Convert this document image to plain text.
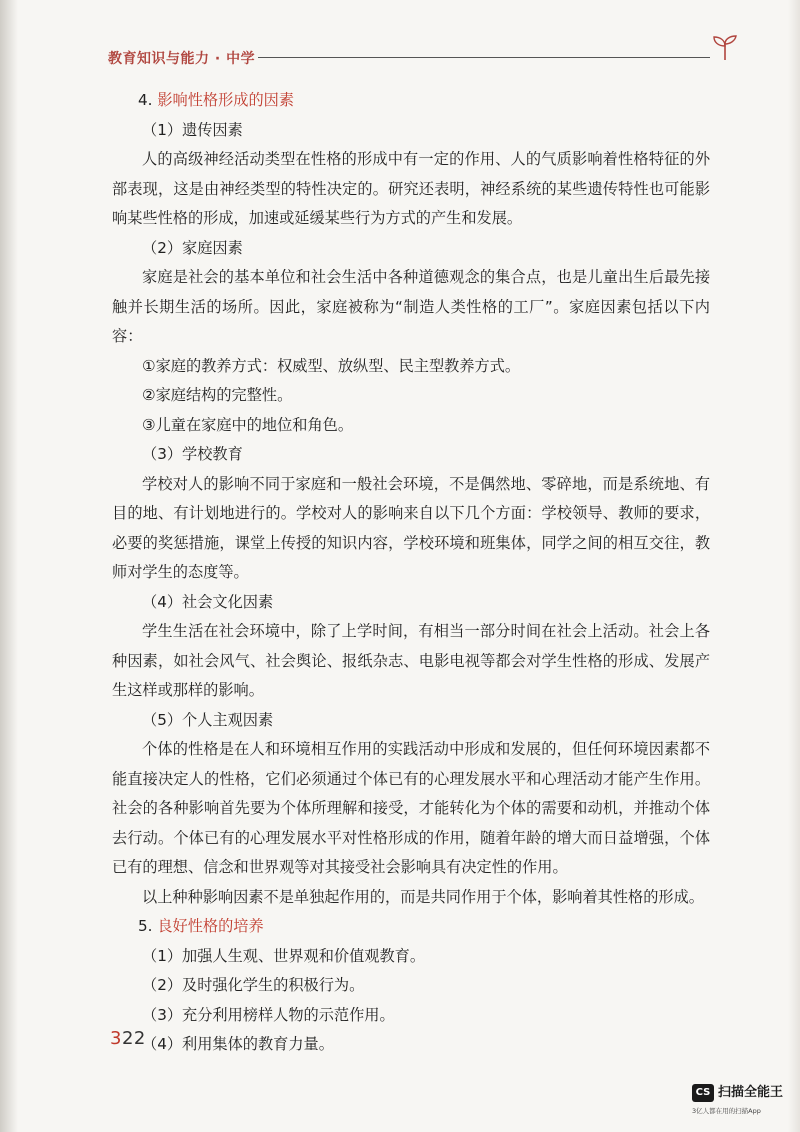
教育知识与能力 · 中学

4. 影响性格形成的因素

（1）遗传因素

人的高级神经活动类型在性格的形成中有一定的作用、人的气质影响着性格特征的外部表现，这是由神经类型的特性决定的。研究还表明，神经系统的某些遗传特性也可能影响某些性格的形成，加速或延缓某些行为方式的产生和发展。

（2）家庭因素

家庭是社会的基本单位和社会生活中各种道德观念的集合点，也是儿童出生后最先接触并长期生活的场所。因此，家庭被称为“制造人类性格的工厂”。家庭因素包括以下内容：

①家庭的教养方式：权威型、放纵型、民主型教养方式。

②家庭结构的完整性。

③儿童在家庭中的地位和角色。

（3）学校教育

学校对人的影响不同于家庭和一般社会环境，不是偶然地、零碎地，而是系统地、有目的地、有计划地进行的。学校对人的影响来自以下几个方面：学校领导、教师的要求，必要的奖惩措施，课堂上传授的知识内容，学校环境和班集体，同学之间的相互交往，教师对学生的态度等。

（4）社会文化因素

学生生活在社会环境中，除了上学时间，有相当一部分时间在社会上活动。社会上各种因素，如社会风气、社会舆论、报纸杂志、电影电视等都会对学生性格的形成、发展产生这样或那样的影响。

（5）个人主观因素

个体的性格是在人和环境相互作用的实践活动中形成和发展的，但任何环境因素都不能直接决定人的性格，它们必须通过个体已有的心理发展水平和心理活动才能产生作用。社会的各种影响首先要为个体所理解和接受，才能转化为个体的需要和动机，并推动个体去行动。个体已有的心理发展水平对性格形成的作用，随着年龄的增大而日益增强，个体已有的理想、信念和世界观等对其接受社会影响具有决定性的作用。

以上种种影响因素不是单独起作用的，而是共同作用于个体，影响着其性格的形成。

5. 良好性格的培养

（1）加强人生观、世界观和价值观教育。

（2）及时强化学生的积极行为。

（3）充分利用榜样人物的示范作用。

（4）利用集体的教育力量。

322
CS 扫描全能王
3亿人都在用的扫描App
